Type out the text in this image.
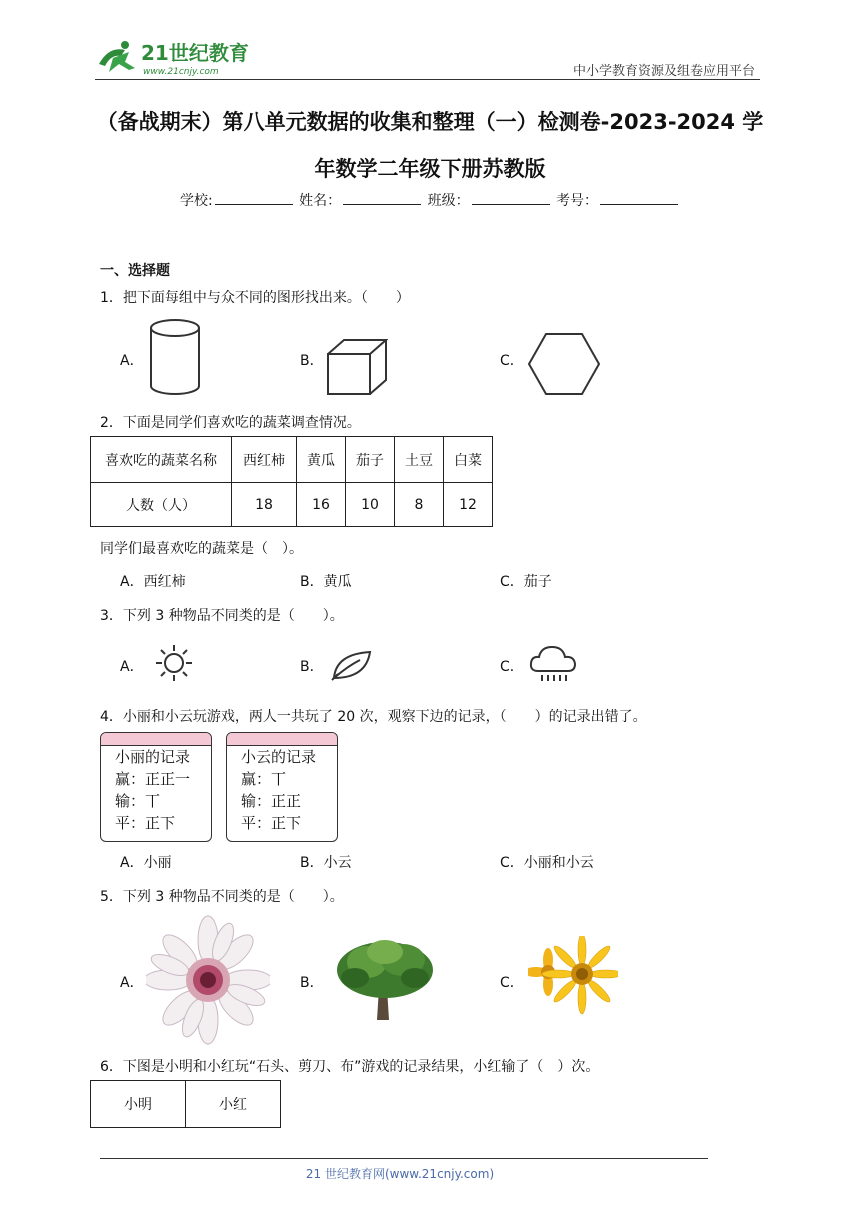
21世纪教育
www.21cnjy.com	中小学教育资源及组卷应用平台
（备战期末）第八单元数据的收集和整理（一）检测卷-2023-2024 学
年数学二年级下册苏教版
学校:	姓名：	班级：	考号：
一、选择题
1．把下面每组中与众不同的图形找出来。（　　）
A．	B．	C．
2．下面是同学们喜欢吃的蔬菜调查情况。
喜欢吃的蔬菜名称	西红柿	黄瓜	茄子	土豆	白菜
人数（人）	18	16	10	8	12
同学们最喜欢吃的蔬菜是（　）。
A．西红柿	B．黄瓜	C．茄子
3．下列 3 种物品不同类的是（　　）。
A．	B．	C．
4．小丽和小云玩游戏，两人一共玩了 20 次，观察下边的记录，（　　）的记录出错了。
小丽的记录
赢：正正一
输：丅
平：正下
小云的记录
赢：丅
输：正正
平：正下
A．小丽	B．小云	C．小丽和小云
5．下列 3 种物品不同类的是（　　）。
A．	B．	C．
6．下图是小明和小红玩“石头、剪刀、布”游戏的记录结果，小红输了（　）次。
小明	小红
21 世纪教育网(www.21cnjy.com)
